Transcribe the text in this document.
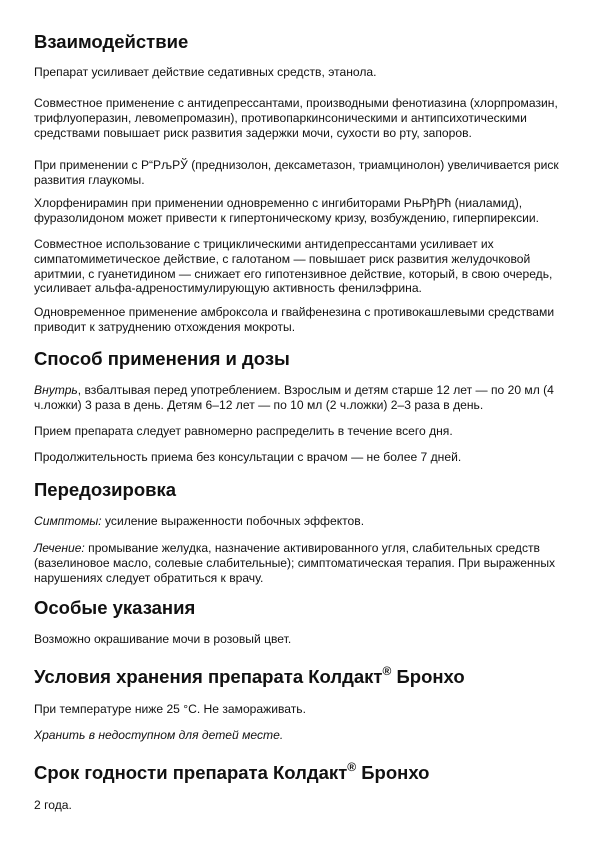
Взаимодействие

Препарат усиливает действие седативных средств, этанола.

Совместное применение с антидепрессантами, производными фенотиазина (хлорпромазин, трифлуоперазин, левомепромазин), противопаркинсоническими и антипсихотическими средствами повышает риск развития задержки мочи, сухости во рту, запоров.

При применении с Р“РљРЎ (преднизолон, дексаметазон, триамцинолон) увеличивается риск развития глаукомы.

Хлорфенирамин при применении одновременно с ингибиторами РњРђРћ (ниаламид), фуразолидоном может привести к гипертоническому кризу, возбуждению, гиперпирексии.

Совместное использование с трициклическими антидепрессантами усиливает их симпатомиметическое действие, с галотаном — повышает риск развития желудочковой аритмии, с гуанетидином — снижает его гипотензивное действие, который, в свою очередь, усиливает альфа-адреностимулирующую активность фенилэфрина.

Одновременное применение амброксола и гвайфенезина с противокашлевыми средствами приводит к затруднению отхождения мокроты.

Способ применения и дозы

Внутрь, взбалтывая перед употреблением. Взрослым и детям старше 12 лет — по 20 мл (4 ч.ложки) 3 раза в день. Детям 6–12 лет — по 10 мл (2 ч.ложки) 2–3 раза в день.

Прием препарата следует равномерно распределить в течение всего дня.

Продолжительность приема без консультации с врачом — не более 7 дней.

Передозировка

Симптомы: усиление выраженности побочных эффектов.

Лечение: промывание желудка, назначение активированного угля, слабительных средств (вазелиновое масло, солевые слабительные); симптоматическая терапия. При выраженных нарушениях следует обратиться к врачу.

Особые указания

Возможно окрашивание мочи в розовый цвет.

Условия хранения препарата Колдакт® Бронхо

При температуре ниже 25 °C. Не замораживать.

Хранить в недоступном для детей месте.

Срок годности препарата Колдакт® Бронхо

2 года.
